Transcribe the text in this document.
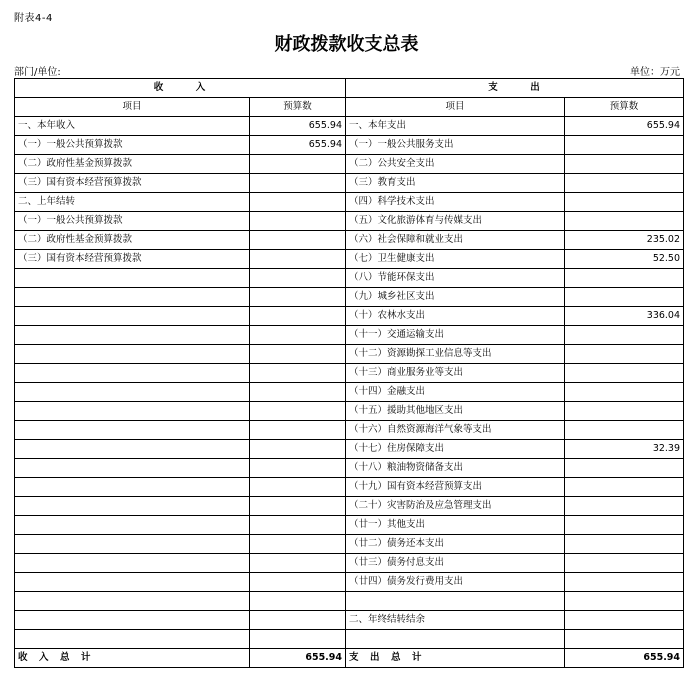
附表4-4
财政拨款收支总表
部门/单位:	单位：万元
收　　　入		支　　　出	
项目	预算数	项目	预算数
一、本年收入	655.94	一、本年支出	655.94
（一）一般公共预算拨款	655.94	（一）一般公共服务支出	
（二）政府性基金预算拨款		（二）公共安全支出	
（三）国有资本经营预算拨款		（三）教育支出	
二、上年结转		（四）科学技术支出	
（一）一般公共预算拨款		（五）文化旅游体育与传媒支出	
（二）政府性基金预算拨款		（六）社会保障和就业支出	235.02
（三）国有资本经营预算拨款		（七）卫生健康支出	52.50
		（八）节能环保支出	
		（九）城乡社区支出	
		（十）农林水支出	336.04
		（十一）交通运输支出	
		（十二）资源勘探工业信息等支出	
		（十三）商业服务业等支出	
		（十四）金融支出	
		（十五）援助其他地区支出	
		（十六）自然资源海洋气象等支出	
		（十七）住房保障支出	32.39
		（十八）粮油物资储备支出	
		（十九）国有资本经营预算支出	
		（二十）灾害防治及应急管理支出	
		（廿一）其他支出	
		（廿二）债务还本支出	
		（廿三）债务付息支出	
		（廿四）债务发行费用支出	

		二、年终结转结余	

收　入　总　计	655.94	支　出　总　计	655.94
